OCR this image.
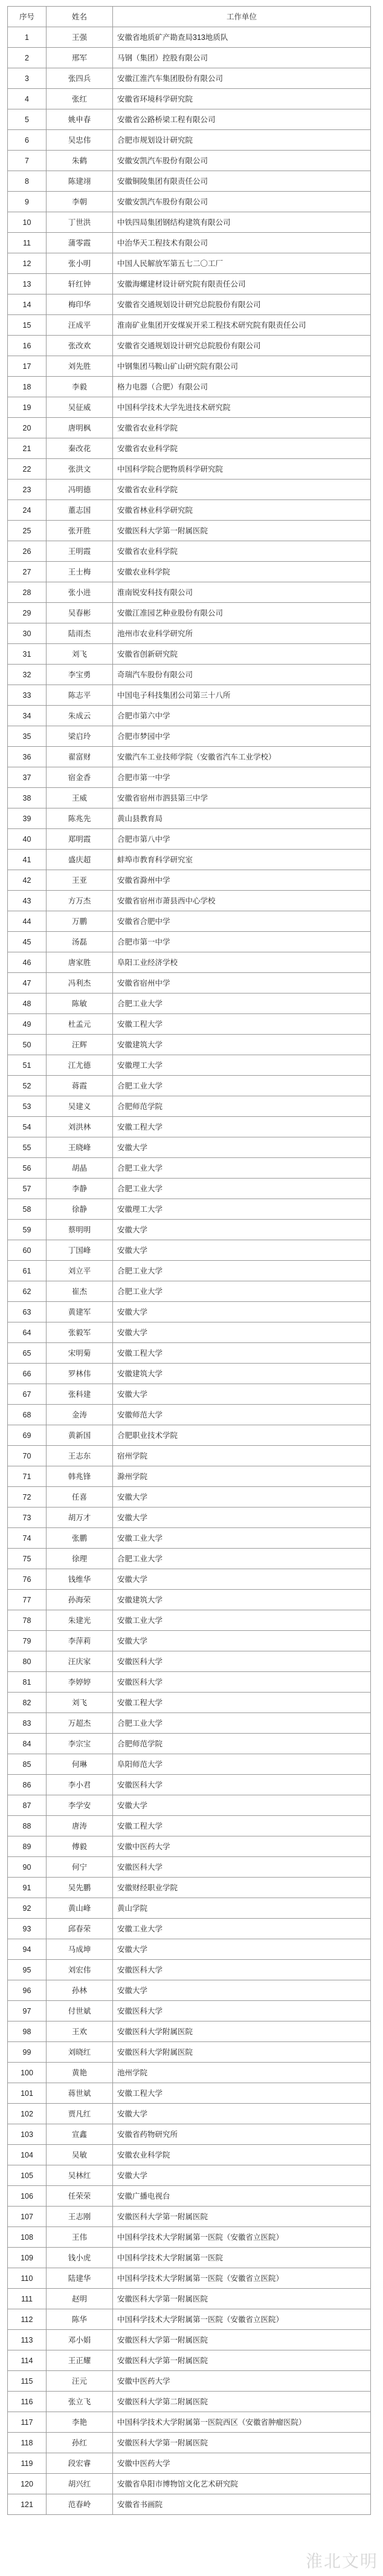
序号	姓名	工作单位
1	王强	安徽省地质矿产勘查局313地质队
2	邢军	马钢（集团）控股有限公司
3	张四兵	安徽江淮汽车集团股份有限公司
4	张红	安徽省环境科学研究院
5	姚申春	安徽省公路桥梁工程有限公司
6	吴忠伟	合肥市规划设计研究院
7	朱鹤	安徽安凯汽车股份有限公司
8	陈建翊	安徽铜陵集团有限责任公司
9	李朝	安徽安凯汽车股份有限公司
10	丁世洪	中铁四局集团钢结构建筑有限公司
11	蒲零霞	中治华天工程技术有限公司
12	张小明	中国人民解放军第五七二〇工厂
13	轩红钟	安徽海螺建材设计研究院有限责任公司
14	梅印华	安徽省交通规划设计研究总院股份有限公司
15	汪成平	淮南矿业集团开安煤炭开采工程技术研究院有限责任公司
16	张改欢	安徽省交通规划设计研究总院股份有限公司
17	刘先胜	中钢集团马鞍山矿山研究院有限公司
18	李毅	格力电器（合肥）有限公司
19	吴征威	中国科学技术大学先进技术研究院
20	唐明枫	安徽省农业科学院
21	秦改花	安徽省农业科学院
22	张洪文	中国科学院合肥物质科学研究院
23	冯明德	安徽省农业科学院
24	董志国	安徽省林业科学研究院
25	张开胜	安徽医科大学第一附属医院
26	王明霞	安徽省农业科学院
27	王士梅	安徽农业科学院
28	张小进	淮南锐安科技有限公司
29	吴春彬	安徽江准园艺种业股份有限公司
30	陆雨杰	池州市农业科学研究所
31	刘飞	安徽省创新研究院
32	李宝勇	奇瑞汽车股份有限公司
33	陈志平	中国电子科技集团公司第三十八所
34	朱成云	合肥市第六中学
35	梁启玲	合肥市梦园中学
36	翟富财	安徽汽车工业技师学院（安徽省汽车工业学校）
37	宿金香	合肥市第一中学
38	王威	安徽省宿州市泗县第三中学
39	陈兆先	黄山县教育局
40	郑明霞	合肥市第八中学
41	盛庆超	蚌埠市教育科学研究室
42	王亚	安徽省滁州中学
43	方万杰	安徽省宿州市萧县西中心学校
44	万鹏	安徽省合肥中学
45	汤磊	合肥市第一中学
46	唐家胜	阜阳工业经济学校
47	冯利杰	安徽省宿州中学
48	陈敏	合肥工业大学
49	杜孟元	安徽工程大学
50	汪辉	安徽建筑大学
51	江尤德	安徽理工大学
52	蒋霞	合肥工业大学
53	吴建义	合肥师范学院
54	刘洪林	安徽工程大学
55	王晓峰	安徽大学
56	胡晶	合肥工业大学
57	李静	合肥工业大学
58	徐静	安徽理工大学
59	蔡明明	安徽大学
60	丁国峰	安徽大学
61	刘立平	合肥工业大学
62	崔杰	合肥工业大学
63	黄建军	安徽大学
64	张毅军	安徽大学
65	宋明菊	安徽工程大学
66	罗林伟	安徽建筑大学
67	张科建	安徽大学
68	金涛	安徽师范大学
69	黄新国	合肥职业技术学院
70	王志东	宿州学院
71	韩兆锋	滁州学院
72	任喜	安徽大学
73	胡万才	安徽大学
74	张鹏	安徽工业大学
75	徐理	合肥工业大学
76	钱维华	安徽大学
77	孙海荣	安徽建筑大学
78	朱建光	安徽工业大学
79	李萍莉	安徽大学
80	汪庆家	安徽医科大学
81	李婷婷	安徽医科大学
82	刘飞	安徽工程大学
83	万超杰	合肥工业大学
84	李宗宝	合肥师范学院
85	何琳	阜阳师范大学
86	李小君	安徽医科大学
87	李学安	安徽大学
88	唐涛	安徽工程大学
89	傅毅	安徽中医药大学
90	何宁	安徽医科大学
91	吴先鹏	安徽财经职业学院
92	黄山峰	黄山学院
93	邱春荣	安徽工业大学
94	马成坤	安徽大学
95	刘宏伟	安徽医科大学
96	孙林	安徽大学
97	付世斌	安徽医科大学
98	王欢	安徽医科大学附属医院
99	刘晓红	安徽医科大学附属医院
100	黄艳	池州学院
101	蒋世斌	安徽工程大学
102	贾凡红	安徽大学
103	宣鑫	安徽省药物研究所
104	吴敏	安徽农业科学院
105	吴林红	安徽大学
106	任荣荣	安徽广播电视台
107	王志刚	安徽医科大学第一附属医院
108	王伟	中国科学技术大学附属第一医院（安徽省立医院）
109	钱小虎	中国科学技术大学附属第一医院
110	陆建华	中国科学技术大学附属第一医院（安徽省立医院）
111	赵明	安徽医科大学第一附属医院
112	陈华	中国科学技术大学附属第一医院（安徽省立医院）
113	邓小娟	安徽医科大学第一附属医院
114	王正耀	安徽医科大学第一附属医院
115	汪元	安徽中医药大学
116	张立飞	安徽医科大学第二附属医院
117	李艳	中国科学技术大学附属第一医院西区（安徽省肿瘤医院）
118	孙红	安徽医科大学第一附属医院
119	段宏睿	安徽中医药大学
120	胡兴红	安徽省阜阳市博物馆文化艺术研究院
121	范春岭	安徽省书画院
淮北文明
